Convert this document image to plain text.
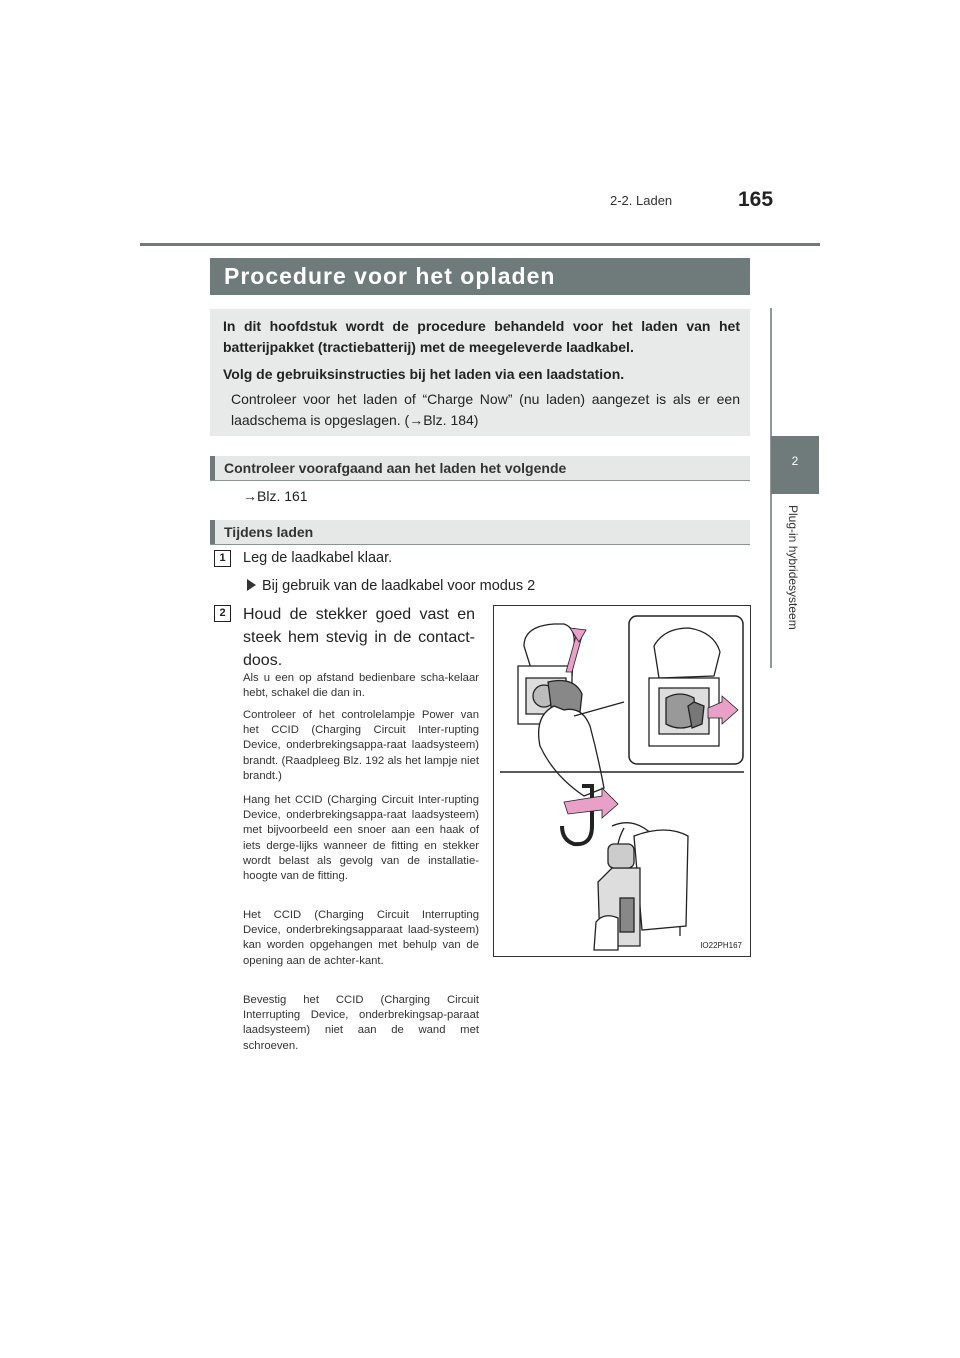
2-2. Laden	165
2
Plug-in hybridesysteem
Procedure voor het opladen
In dit hoofdstuk wordt de procedure behandeld voor het laden van het batterijpakket (tractiebatterij) met de meegeleverde laadkabel.
Volg de gebruiksinstructies bij het laden via een laadstation.
Controleer voor het laden of “Charge Now” (nu laden) aangezet is als er een laadschema is opgeslagen. (→Blz. 184)
Controleer voorafgaand aan het laden het volgende
→Blz. 161
Tijdens laden
1	Leg de laadkabel klaar.
Bij gebruik van de laadkabel voor modus 2
2	Houd de stekker goed vast en steek hem stevig in de contact-doos.
Als u een op afstand bedienbare scha-kelaar hebt, schakel die dan in.
Controleer of het controlelampje Power van het CCID (Charging Circuit Inter-rupting Device, onderbrekingsappa-raat laadsysteem) brandt. (Raadpleeg Blz. 192 als het lampje niet brandt.)
Hang het CCID (Charging Circuit Inter-rupting Device, onderbrekingsappa-raat laadsysteem) met bijvoorbeeld een snoer aan een haak of iets derge-lijks wanneer de fitting en stekker wordt belast als gevolg van de installatie-hoogte van de fitting.
Het CCID (Charging Circuit Interrupting Device, onderbrekingsapparaat laad-systeem) kan worden opgehangen met behulp van de opening aan de achter-kant.
Bevestig het CCID (Charging Circuit Interrupting Device, onderbrekingsap-paraat laadsysteem) niet aan de wand met schroeven.
IO22PH167
